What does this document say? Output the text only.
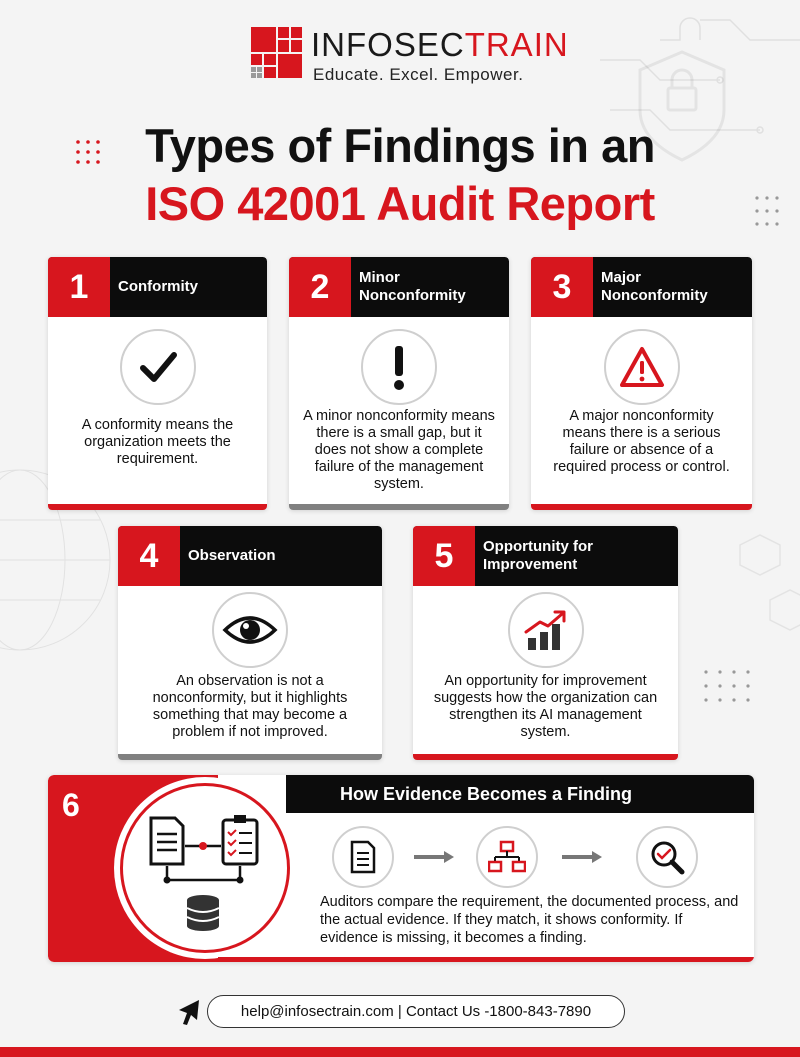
INFOSECTRAIN
Educate. Excel. Empower.
Types of Findings in an
ISO 42001 Audit Report
1	Conformity
A conformity means the organization meets the requirement.
2	Minor Nonconformity
A minor nonconformity means there is a small gap, but it does not show a complete failure of the management system.
3	Major Nonconformity
A major nonconformity means there is a serious failure or absence of a required process or control.
4	Observation
An observation is not a nonconformity, but it highlights something that may become a problem if not improved.
5	Opportunity for Improvement
An opportunity for improvement suggests how the organization can strengthen its AI management system.
6	How Evidence Becomes a Finding
Auditors compare the requirement, the documented process, and the actual evidence. If they match, it shows conformity. If evidence is missing, it becomes a finding.
help@infosectrain.com | Contact Us -1800-843-7890
